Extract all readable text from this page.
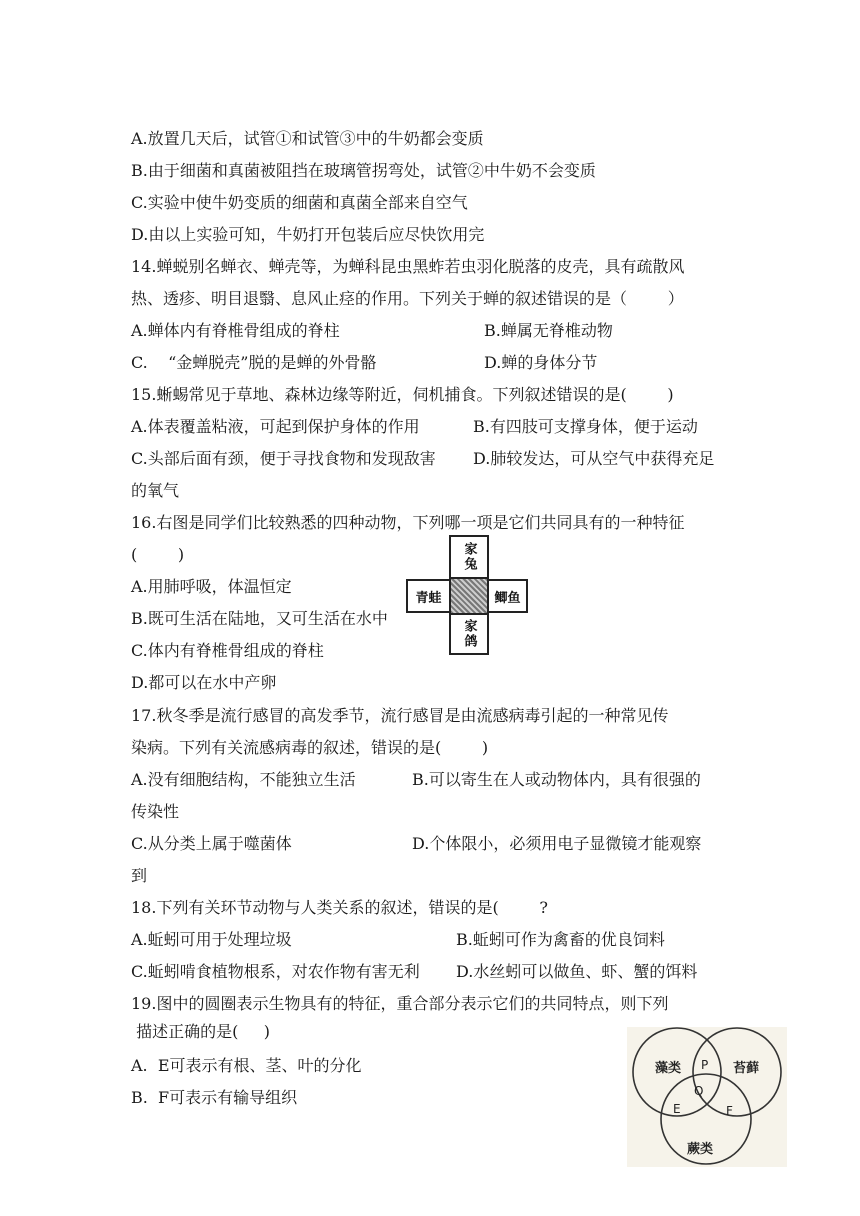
A.放置几天后，试管①和试管③中的牛奶都会变质
B.由于细菌和真菌被阻挡在玻璃管拐弯处，试管②中牛奶不会变质
C.实验中使牛奶变质的细菌和真菌全部来自空气
D.由以上实验可知，牛奶打开包装后应尽快饮用完
14.蝉蜕别名蝉衣、蝉壳等，为蝉科昆虫黑蚱若虫羽化脱落的皮壳，具有疏散风
热、透疹、明目退翳、息风止痉的作用。下列关于蝉的叙述错误的是（        ）
A.蝉体内有脊椎骨组成的脊柱	B.蝉属无脊椎动物
C.    “金蝉脱壳”脱的是蝉的外骨骼	D.蝉的身体分节
15.蜥蜴常见于草地、森林边缘等附近，伺机捕食。下列叙述错误的是(        )
A.体表覆盖粘液，可起到保护身体的作用	B.有四肢可支撑身体，便于运动
C.头部后面有颈，便于寻找食物和发现敌害 D.肺较发达，可从空气中获得充足
的氧气
16.右图是同学们比较熟悉的四种动物，下列哪一项是它们共同具有的一种特征
(        )
A.用肺呼吸，体温恒定
B.既可生活在陆地，又可生活在水中
C.体内有脊椎骨组成的脊柱
D.都可以在水中产卵
家兔
青蛙	鲫鱼
家鸽
17.秋冬季是流行感冒的高发季节，流行感冒是由流感病毒引起的一种常见传
染病。下列有关流感病毒的叙述，错误的是(        )
A.没有细胞结构，不能独立生活	B.可以寄生在人或动物体内，具有很强的
传染性
C.从分类上属于噬菌体	D.个体限小，必须用电子显微镜才能观察
到
18.下列有关环节动物与人类关系的叙述，错误的是(        ?
A.蚯蚓可用于处理垃圾	B.蚯蚓可作为禽畜的优良饲料
C.蚯蚓啃食植物根系，对农作物有害无利 D.水丝蚓可以做鱼、虾、蟹的饵料
19.图中的圆圈表示生物具有的特征，重合部分表示它们的共同特点，则下列
描述正确的是(     )
A.  E可表示有根、茎、叶的分化
B.  F可表示有输导组织
藻类	苔藓
蕨类
P
Q
E	F
